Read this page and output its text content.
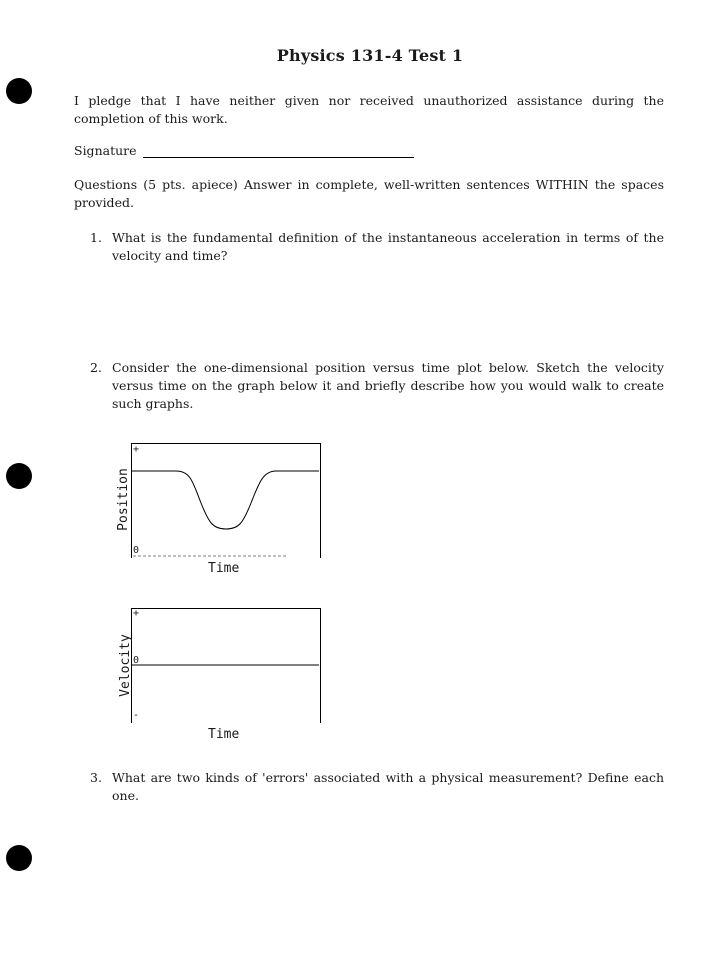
Physics 131-4 Test 1
I pledge that I have neither given nor received unauthorized assistance during the completion of this work.
Signature
Questions (5 pts. apiece) Answer in complete, well-written sentences WITHIN the spaces provided.
1. What is the fundamental definition of the instantaneous acceleration in terms of the velocity and time?
2. Consider the one-dimensional position versus time plot below. Sketch the velocity versus time on the graph below it and briefly describe how you would walk to create such graphs.
+
0
Position
Time
+
0
-
Velocity
Time
3. What are two kinds of 'errors' associated with a physical measurement? Define each one.
